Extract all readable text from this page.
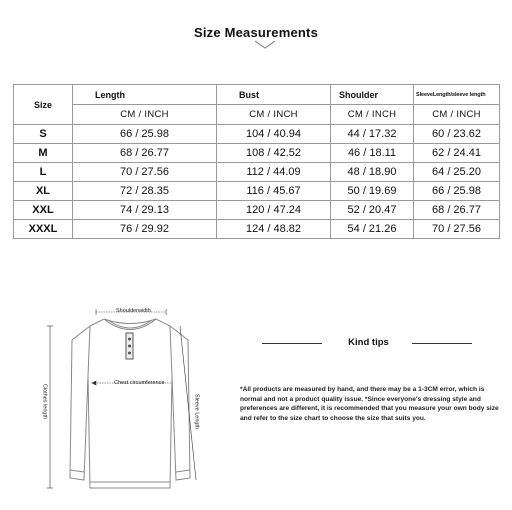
Size Measurements
Size	Length	Bust	Shoulder	SleeveLength/sleeve length
	CM / INCH	CM / INCH	CM / INCH	CM / INCH
S	66 / 25.98	104 / 40.94	44 / 17.32	60 / 23.62
M	68 / 26.77	108 / 42.52	46 / 18.11	62 / 24.41
L	70 / 27.56	112 / 44.09	48 / 18.90	64 / 25.20
XL	72 / 28.35	116 / 45.67	50 / 19.69	66 / 25.98
XXL	74 / 29.13	120 / 47.24	52 / 20.47	68 / 26.77
XXXL	76 / 29.92	124 / 48.82	54 / 21.26	70 / 27.56
Shoulderwidth
Chest circumference
Clothes length	Sleeve Length
Kind tips
*All products are measured by hand, and there may be a 1-3CM error, which is normal and not a product quality issue. *Since everyone's dressing style and preferences are different, it is recommended that you measure your own body size and refer to the size chart to choose the size that suits you.
